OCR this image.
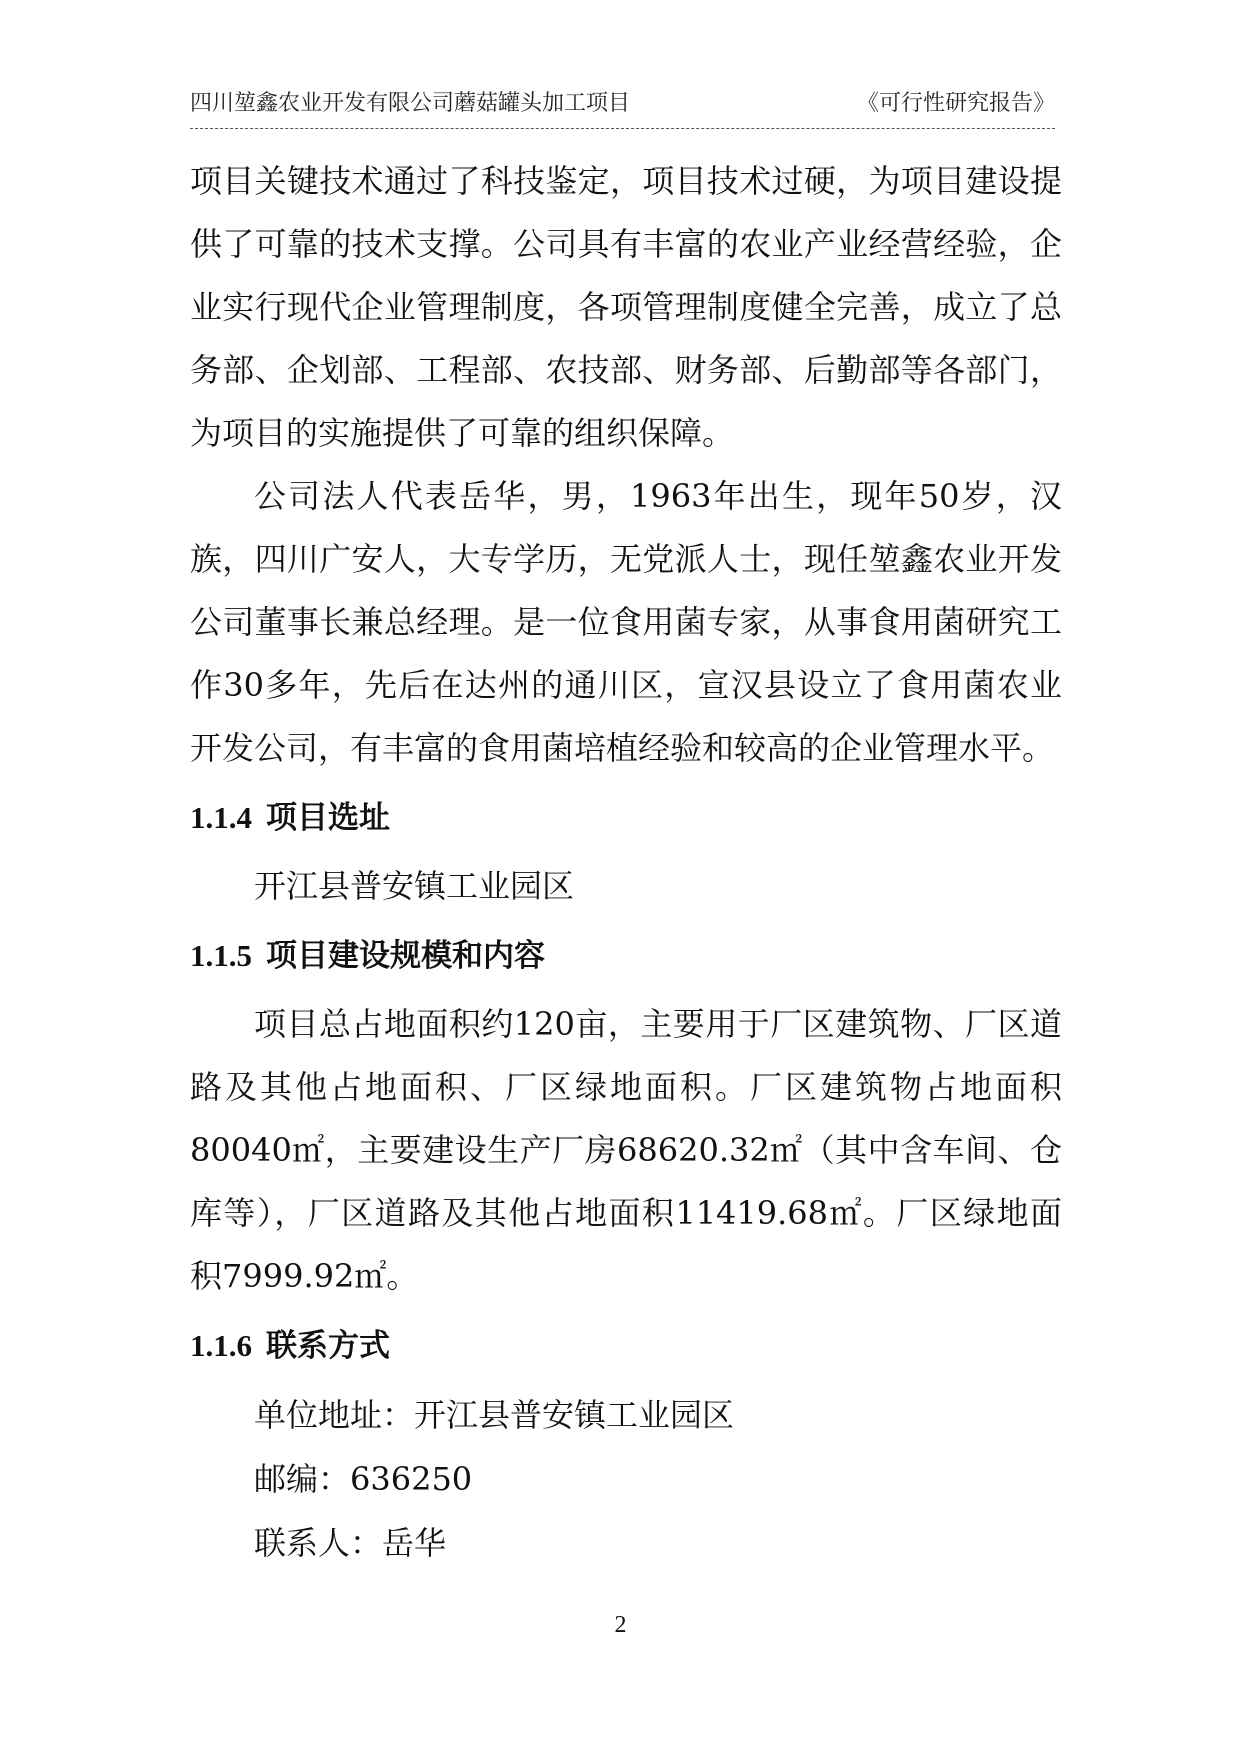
四川堃鑫农业开发有限公司蘑菇罐头加工项目	《可行性研究报告》

项目关键技术通过了科技鉴定，项目技术过硬，为项目建设提供了可靠的技术支撑。公司具有丰富的农业产业经营经验，企业实行现代企业管理制度，各项管理制度健全完善，成立了总务部、企划部、工程部、农技部、财务部、后勤部等各部门，为项目的实施提供了可靠的组织保障。

公司法人代表岳华，男，1963年出生，现年50岁，汉族，四川广安人，大专学历，无党派人士，现任堃鑫农业开发公司董事长兼总经理。是一位食用菌专家，从事食用菌研究工作30多年，先后在达州的通川区，宣汉县设立了食用菌农业开发公司，有丰富的食用菌培植经验和较高的企业管理水平。

1.1.4 项目选址

开江县普安镇工业园区

1.1.5 项目建设规模和内容

项目总占地面积约120亩，主要用于厂区建筑物、厂区道路及其他占地面积、厂区绿地面积。厂区建筑物占地面积80040㎡，主要建设生产厂房68620.32㎡（其中含车间、仓库等），厂区道路及其他占地面积11419.68㎡。厂区绿地面积7999.92㎡。

1.1.6 联系方式

单位地址：开江县普安镇工业园区

邮编：636250

联系人：岳华

2
